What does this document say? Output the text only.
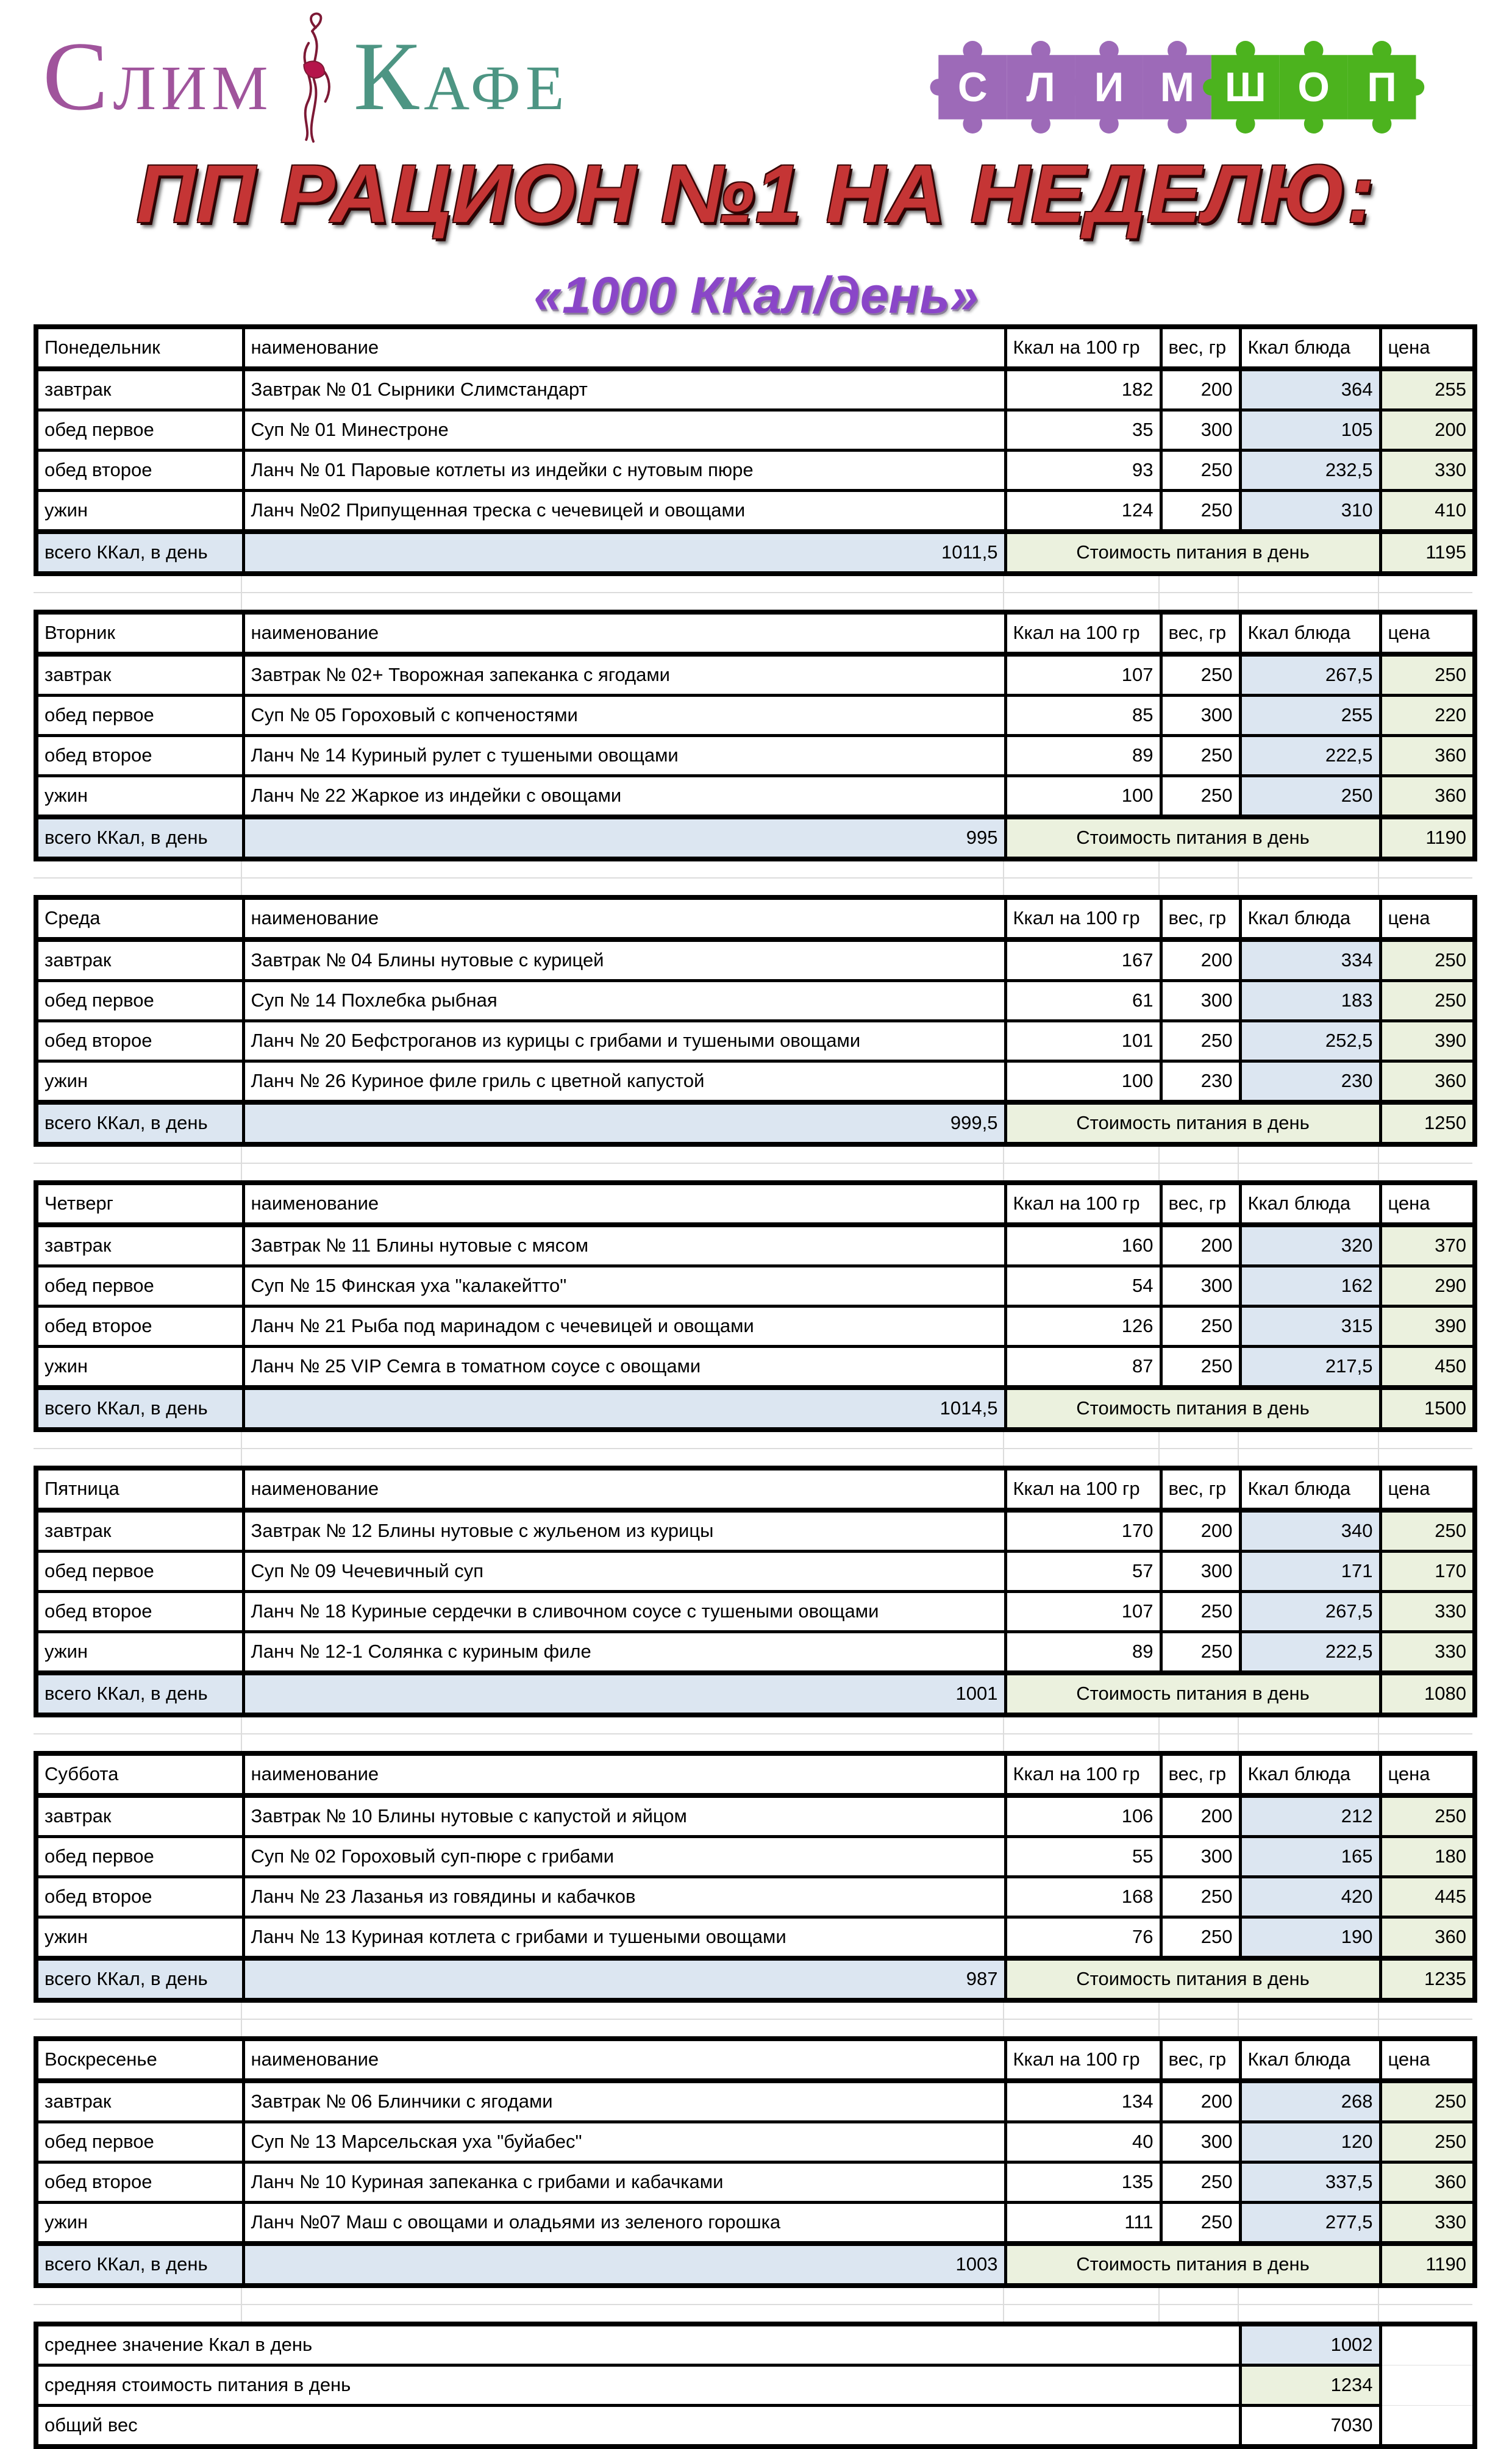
СЛИМ КАФЕ	С Л И М Ш О П
ПП РАЦИОН №1 НА НЕДЕЛЮ:
«1000 ККал/день»
Понедельник	наименование	Ккал на 100 гр	вес, гр	Ккал блюда	цена
завтрак	Завтрак № 01 Сырники Слимстандарт	182	200	364	255
обед первое	Суп № 01 Минестроне	35	300	105	200
обед второе	Ланч № 01 Паровые котлеты из индейки с нутовым пюре	93	250	232,5	330
ужин	Ланч №02 Припущенная треска с чечевицей и овощами	124	250	310	410
всего ККал, в день	1011,5	Стоимость питания в день			1195
Вторник	наименование	Ккал на 100 гр	вес, гр	Ккал блюда	цена
завтрак	Завтрак № 02+ Творожная запеканка с ягодами	107	250	267,5	250
обед первое	Суп № 05 Гороховый с копченостями	85	300	255	220
обед второе	Ланч № 14 Куриный рулет с тушеными овощами	89	250	222,5	360
ужин	Ланч № 22 Жаркое из индейки с овощами	100	250	250	360
всего ККал, в день	995	Стоимость питания в день			1190
Среда	наименование	Ккал на 100 гр	вес, гр	Ккал блюда	цена
завтрак	Завтрак № 04 Блины нутовые с курицей	167	200	334	250
обед первое	Суп № 14 Похлебка рыбная	61	300	183	250
обед второе	Ланч № 20 Бефстроганов из курицы с грибами и тушеными овощами	101	250	252,5	390
ужин	Ланч № 26 Куриное филе гриль с цветной капустой	100	230	230	360
всего ККал, в день	999,5	Стоимость питания в день			1250
Четверг	наименование	Ккал на 100 гр	вес, гр	Ккал блюда	цена
завтрак	Завтрак № 11 Блины нутовые с мясом	160	200	320	370
обед первое	Суп № 15 Финская уха "калакейтто"	54	300	162	290
обед второе	Ланч № 21 Рыба под маринадом с чечевицей и овощами	126	250	315	390
ужин	Ланч № 25 VIP Семга в томатном соусе с овощами	87	250	217,5	450
всего ККал, в день	1014,5	Стоимость питания в день			1500
Пятница	наименование	Ккал на 100 гр	вес, гр	Ккал блюда	цена
завтрак	Завтрак № 12 Блины нутовые с жульеном из курицы	170	200	340	250
обед первое	Суп № 09 Чечевичный суп	57	300	171	170
обед второе	Ланч № 18 Куриные сердечки в сливочном соусе с тушеными овощами	107	250	267,5	330
ужин	Ланч № 12-1 Солянка с куриным филе	89	250	222,5	330
всего ККал, в день	1001	Стоимость питания в день			1080
Суббота	наименование	Ккал на 100 гр	вес, гр	Ккал блюда	цена
завтрак	Завтрак № 10 Блины нутовые с капустой и яйцом	106	200	212	250
обед первое	Суп № 02 Гороховый суп-пюре с грибами	55	300	165	180
обед второе	Ланч № 23 Лазанья из говядины и кабачков	168	250	420	445
ужин	Ланч № 13 Куриная котлета с грибами и тушеными овощами	76	250	190	360
всего ККал, в день	987	Стоимость питания в день			1235
Воскресенье	наименование	Ккал на 100 гр	вес, гр	Ккал блюда	цена
завтрак	Завтрак № 06 Блинчики с ягодами	134	200	268	250
обед первое	Суп № 13 Марсельская уха "буйабес"	40	300	120	250
обед второе	Ланч № 10 Куриная запеканка с грибами и кабачками	135	250	337,5	360
ужин	Ланч №07 Маш с овощами и оладьями из зеленого горошка	111	250	277,5	330
всего ККал, в день	1003	Стоимость питания в день			1190
среднее значение Ккал в день	1002	
средняя стоимость питания в день	1234	
общий вес	7030	
